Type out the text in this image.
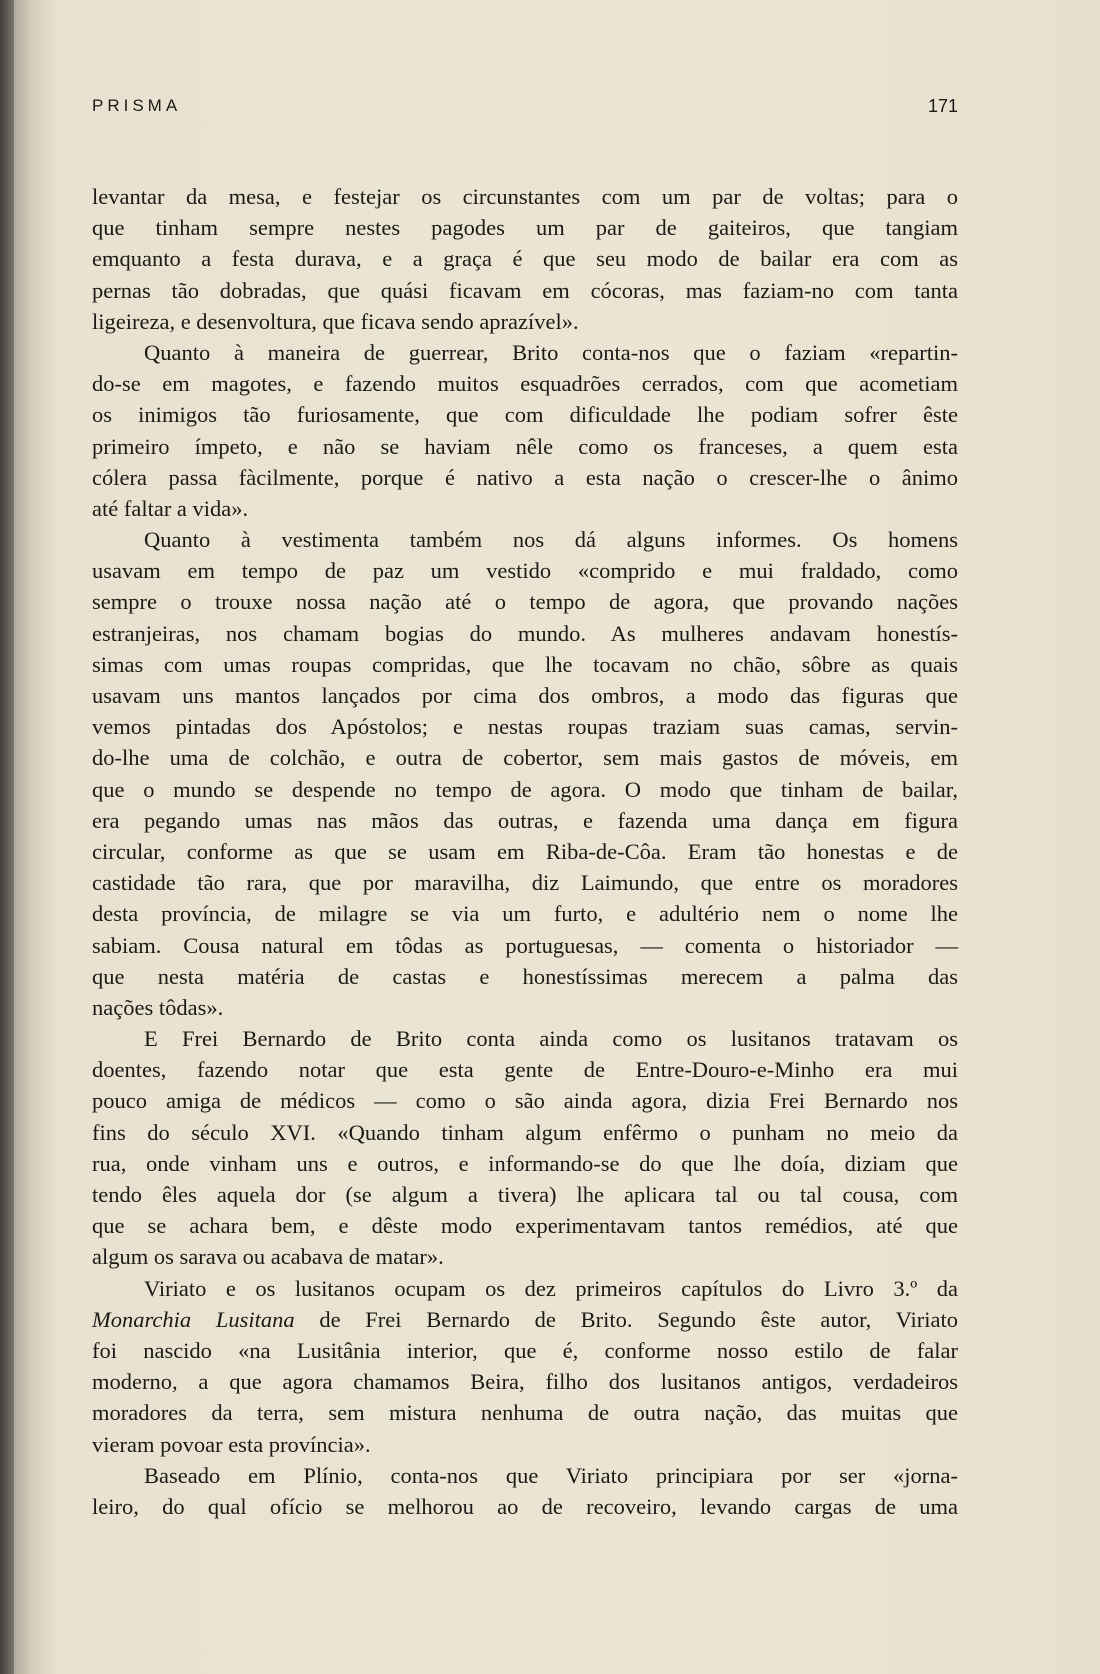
PRISMA	171
levantar da mesa, e festejar os circunstantes com um par de voltas; para o
que tinham sempre nestes pagodes um par de gaiteiros, que tangiam
emquanto a festa durava, e a graça é que seu modo de bailar era com as
pernas tão dobradas, que quási ficavam em cócoras, mas faziam-no com tanta
ligeireza, e desenvoltura, que ficava sendo aprazível».
Quanto à maneira de guerrear, Brito conta-nos que o faziam «repartin-
do-se em magotes, e fazendo muitos esquadrões cerrados, com que acometiam
os inimigos tão furiosamente, que com dificuldade lhe podiam sofrer êste
primeiro ímpeto, e não se haviam nêle como os franceses, a quem esta
cólera passa fàcilmente, porque é nativo a esta nação o crescer-lhe o ânimo
até faltar a vida».
Quanto à vestimenta também nos dá alguns informes. Os homens
usavam em tempo de paz um vestido «comprido e mui fraldado, como
sempre o trouxe nossa nação até o tempo de agora, que provando nações
estranjeiras, nos chamam bogias do mundo. As mulheres andavam honestís-
simas com umas roupas compridas, que lhe tocavam no chão, sôbre as quais
usavam uns mantos lançados por cima dos ombros, a modo das figuras que
vemos pintadas dos Apóstolos; e nestas roupas traziam suas camas, servin-
do-lhe uma de colchão, e outra de cobertor, sem mais gastos de móveis, em
que o mundo se despende no tempo de agora. O modo que tinham de bailar,
era pegando umas nas mãos das outras, e fazenda uma dança em figura
circular, conforme as que se usam em Riba-de-Côa. Eram tão honestas e de
castidade tão rara, que por maravilha, diz Laimundo, que entre os moradores
desta província, de milagre se via um furto, e adultério nem o nome lhe
sabiam. Cousa natural em tôdas as portuguesas, — comenta o historiador —
que nesta matéria de castas e honestíssimas merecem a palma das
nações tôdas».
E Frei Bernardo de Brito conta ainda como os lusitanos tratavam os
doentes, fazendo notar que esta gente de Entre-Douro-e-Minho era mui
pouco amiga de médicos — como o são ainda agora, dizia Frei Bernardo nos
fins do século XVI. «Quando tinham algum enfêrmo o punham no meio da
rua, onde vinham uns e outros, e informando-se do que lhe doía, diziam que
tendo êles aquela dor (se algum a tivera) lhe aplicara tal ou tal cousa, com
que se achara bem, e dêste modo experimentavam tantos remédios, até que
algum os sarava ou acabava de matar».
Viriato e os lusitanos ocupam os dez primeiros capítulos do Livro 3.º da
Monarchia Lusitana de Frei Bernardo de Brito. Segundo êste autor, Viriato
foi nascido «na Lusitânia interior, que é, conforme nosso estilo de falar
moderno, a que agora chamamos Beira, filho dos lusitanos antigos, verdadeiros
moradores da terra, sem mistura nenhuma de outra nação, das muitas que
vieram povoar esta província».
Baseado em Plínio, conta-nos que Viriato principiara por ser «jorna-
leiro, do qual ofício se melhorou ao de recoveiro, levando cargas de uma
